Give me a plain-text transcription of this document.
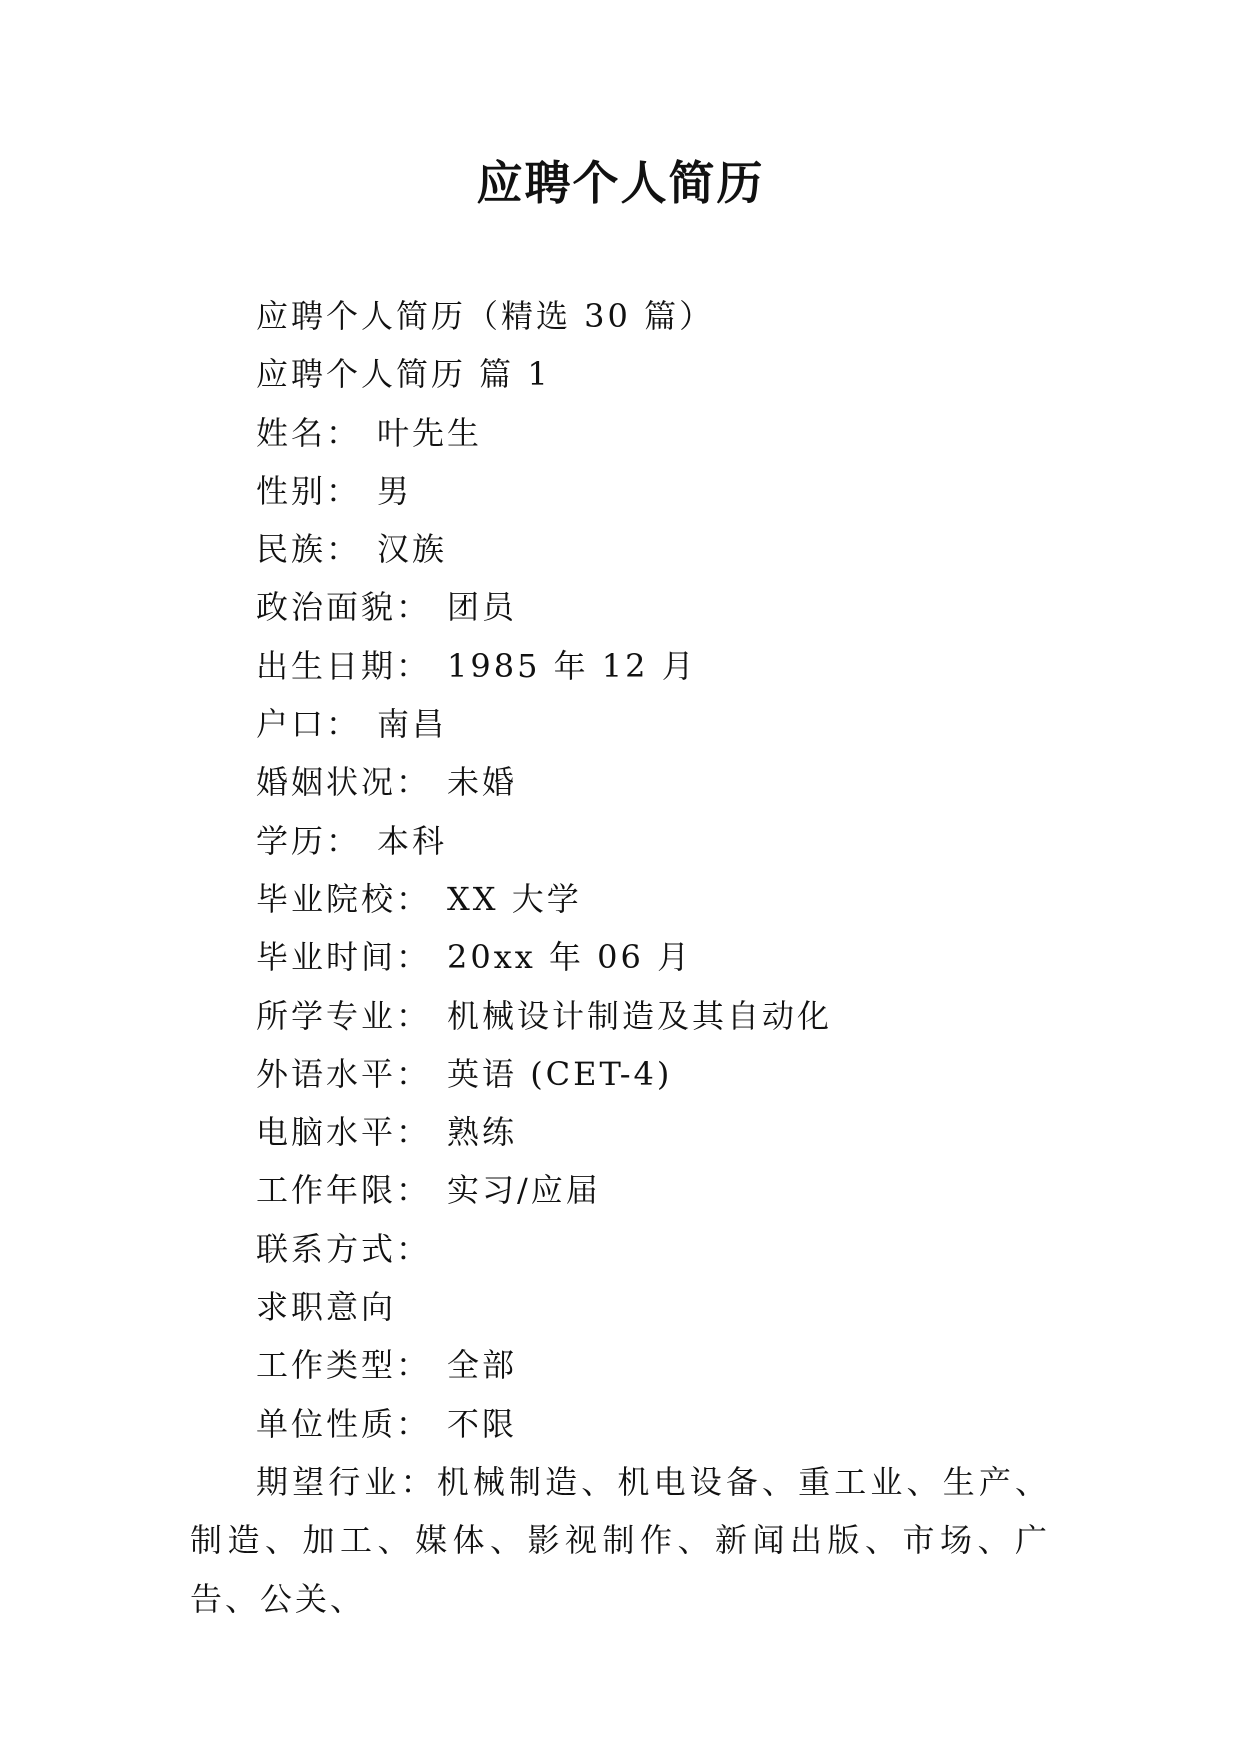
应聘个人简历
应聘个人简历（精选 30 篇）
应聘个人简历 篇 1
姓名： 叶先生
性别： 男
民族： 汉族
政治面貌： 团员
出生日期： 1985 年 12 月
户口： 南昌
婚姻状况： 未婚
学历： 本科
毕业院校： XX 大学
毕业时间： 20xx 年 06 月
所学专业： 机械设计制造及其自动化
外语水平： 英语 (CET-4)
电脑水平： 熟练
工作年限： 实习/应届
联系方式：
求职意向
工作类型： 全部
单位性质： 不限

期望行业：机械制造、机电设备、重工业、生产、制造、加工、媒体、影视制作、新闻出版、市场、广告、公关、
